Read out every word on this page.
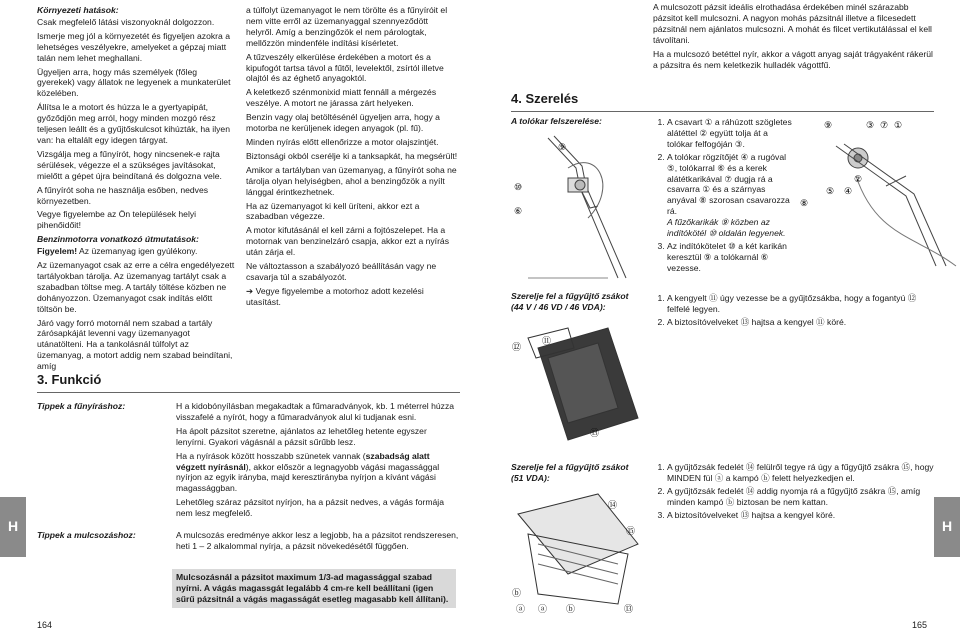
Környezeti hatások:

Csak megfelelő látási viszonyoknál dolgozzon.

Ismerje meg jól a környezetét és figyeljen azokra a lehetséges veszélyekre, amelyeket a gépzaj miatt talán nem lehet meghallani.

Ügyeljen arra, hogy más személyek (főleg gyerekek) vagy állatok ne legyenek a munkaterület közelében.

Állítsa le a motort és húzza le a gyertyapipát, győződjön meg arról, hogy minden mozgó rész teljesen leállt és a gyűjtőskulcsot kihúzták, ha ilyen van: ha eltalált egy idegen tárgyat.

Vizsgálja meg a fűnyírót, hogy nincsenek-e rajta sérülések, végezze el a szükséges javításokat, mielőtt a gépet újra beindítaná és dolgozna vele.

A fűnyírót soha ne használja esőben, nedves környezetben.

Vegye figyelembe az Ön települések helyi pihenőidőit!

Benzinmotorra vonatkozó útmutatások:

Figyelem! Az üzemanyag igen gyúlékony.

Az üzemanyagot csak az erre a célra engedélyezett tartályokban tárolja. Az üzemanyag tartályt csak a szabadban töltse meg. A tartály töltése közben ne dohányozzon. Üzemanyagot csak indítás előtt töltsön be.

Járó vagy forró motornál nem szabad a tartály zárósapkáját levenni vagy üzemanyagot utánatölteni. Ha a tankolásnál túlfolyt az üzemanyag, a motort addig nem szabad beindítani, amíg

a túlfolyt üzemanyagot le nem törölte és a fűnyíróit el nem vitte erről az üzemanyaggal szennyeződött helyről. Amíg a benzingőzök el nem párologtak, mellőzzön mindenféle indítási kísérletet.

A tűzveszély elkerülése érdekében a motort és a kipufogót tartsa távol a fűtől, levelektől, zsírtól illetve olajtól és az éghető anyagoktól.

A keletkező szénmonixid miatt fennáll a mérgezés veszélye. A motort ne járassa zárt helyeken.

Benzin vagy olaj betöltésénél ügyeljen arra, hogy a motorba ne kerüljenek idegen anyagok (pl. fű).

Minden nyírás előtt ellenőrizze a motor olajszintjét.

Biztonsági okból cserélje ki a tanksapkát, ha megsérült!

Amikor a tartályban van üzemanyag, a fűnyírót soha ne tárolja olyan helyiségben, ahol a benzingőzök a nyílt lánggal érintkezhetnek.

Ha az üzemanyagot ki kell üríteni, akkor ezt a szabadban végezze.

A motor kifutásánál el kell zárni a fojtószelepet. Ha a motornak van benzinelzáró csapja, akkor ezt a nyírás után zárja el.

Ne változtasson a szabályozó beállításán vagy ne csavarja túl a szabályozót.

➔ Vegye figyelembe a motorhoz adott kezelési utasítást.

3. Funkció
Tippek a fűnyíráshoz:	H a kidobónyílásban megakadtak a fűmaradványok, kb. 1 méterrel húzza visszafelé a nyírót, hogy a fűmaradványok alul ki tudjanak esni.

Ha ápolt pázsitot szeretne, ajánlatos az lehetőleg hetente egyszer lenyírni. Gyakori vágásnál a pázsit sűrűbb lesz.

Ha a nyírások között hosszabb szünetek vannak (szabadság alatt végzett nyírásnál), akkor először a legnagyobb vágási magassággal nyírjon az egyik irányba, majd keresztirányba nyírjon a kívánt vágási magassággban.

Lehetőleg száraz pázsitot nyírjon, ha a pázsit nedves, a vágás formája nem lesz megfelelő.

Tippek a mulcsozáshoz:	A mulcsozás eredménye akkor lesz a legjobb, ha a pázsitot rendszeresen, heti 1 – 2 alkalommal nyírja, a pázsit növekedésétől függően.

Mulcsozásnál a pázsitot maximum 1/3-ad magassággal szabad nyírni. A vágás magassgát legalább 4 cm-re kell beállítani (igen sűrű pázsitnál a vágás magasságát esetleg magasabb kell állítani).
H
164

A mulcsozott pázsit ideális elrothadása érdekében minél szárazabb pázsitot kell mulcsozni. A nagyon mohás pázsitnál illetve a filcesedett pázsitnál nem ajánlatos mulcsozni. A mohát és filcet vertikutálással el kell távolítani.

Ha a mulcsozó betéttel nyír, akkor a vágott anyag saját trágyaként rákerül a pázsitra és nem keletkezik hulladék vágottfű.

4. Szerelés
A tolókar felszerelése:
⑩
⑥
⑨
1. A csavart ① a ráhúzott szögletes alátéttel ② együtt tolja át a tolókar felfogóján ③.
2. A tolókar rögzítőjét ④ a rugóval ⑤, tolókarral ⑥ és a kerek alátétkarikával ⑦ dugja rá a csavarra ① és a szárnyas anyával ⑧ szorosan csavarozza rá.
A fűzőkarikák ⑨ közben az indítókötél ⑩ oldalán legyenek.
3. Az indítókötelet ⑩ a két karikán keresztül ⑨ a tolókarnál ⑥ vezesse.
⑨	③ ⑦ ①
⑧
⑤ ④
②
Szerelje fel a fűgyűjtő zsákot
(44 V / 46 VD / 46 VDA):
⑫
⑪
⑬
1. A kengyelt ⑪ úgy vezesse be a gyűjtőzsákba, hogy a fogantyú ⑫ felfelé legyen.
2. A biztosítóvelveket ⑬ hajtsa a kengyel ⑪ köré.
Szerelje fel a fűgyűjtő zsákot
(51 VDA):
⑭
⑮
ⓐ	ⓑ	⑬
ⓑ
ⓐ
1. A gyűjtőzsák fedelét ⑭ felülről tegye rá úgy a fűgyűjtő zsákra ⑮, hogy MINDEN fül ⓐ a kampó ⓑ felett helyezkedjen el.
2. A gyűjtőzsák fedelét ⑭ addig nyomja rá a fűgyűjtő zsákra ⑮, amíg minden kampó ⓑ biztosan be nem kattan.
3. A biztosítóvelveket ⑬ hajtsa a kengyel köré.
H
165
